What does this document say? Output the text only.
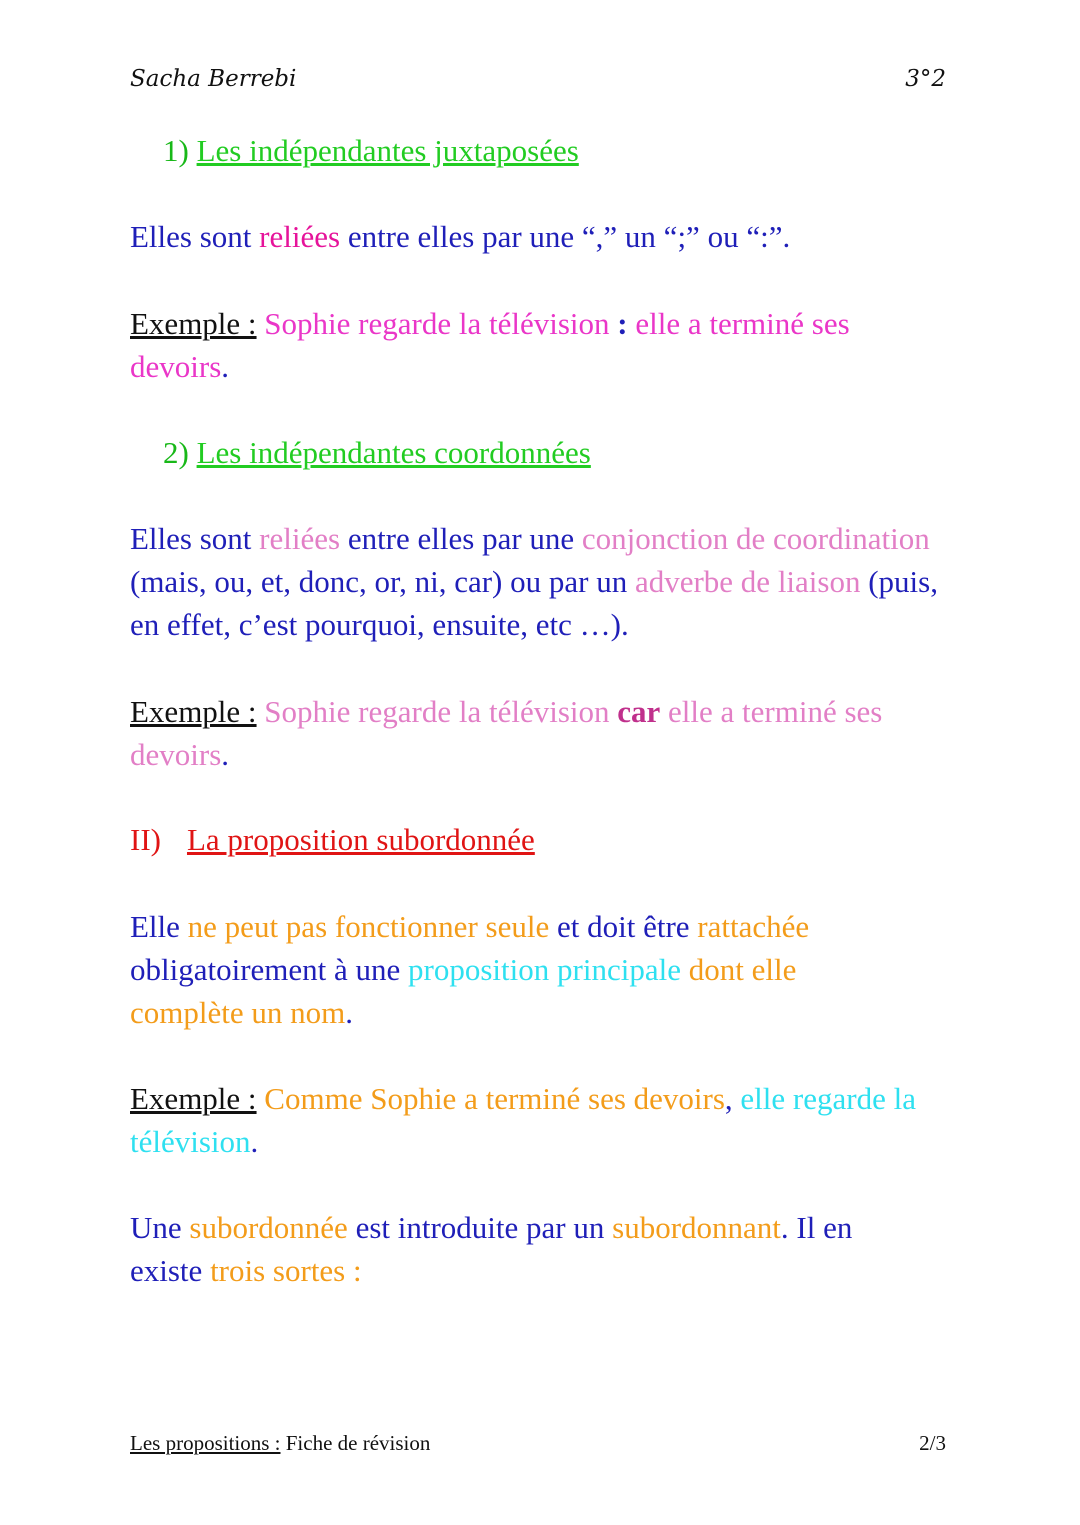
Sacha Berrebi	3°2
1) Les indépendantes juxtaposées

Elles sont reliées entre elles par une “,” un “;” ou “:”.

Exemple : Sophie regarde la télévision : elle a terminé ses devoirs.

2) Les indépendantes coordonnées

Elles sont reliées entre elles par une conjonction de coordination (mais, ou, et, donc, or, ni, car) ou par un adverbe de liaison (puis, en effet, c’est pourquoi, ensuite, etc …).

Exemple : Sophie regarde la télévision car elle a terminé ses devoirs.

II) La proposition subordonnée

Elle ne peut pas fonctionner seule et doit être rattachée obligatoirement à une proposition principale dont elle complète un nom.

Exemple : Comme Sophie a terminé ses devoirs, elle regarde la télévision.

Une subordonnée est introduite par un subordonnant. Il en existe trois sortes :

Les propositions : Fiche de révision	2/3
